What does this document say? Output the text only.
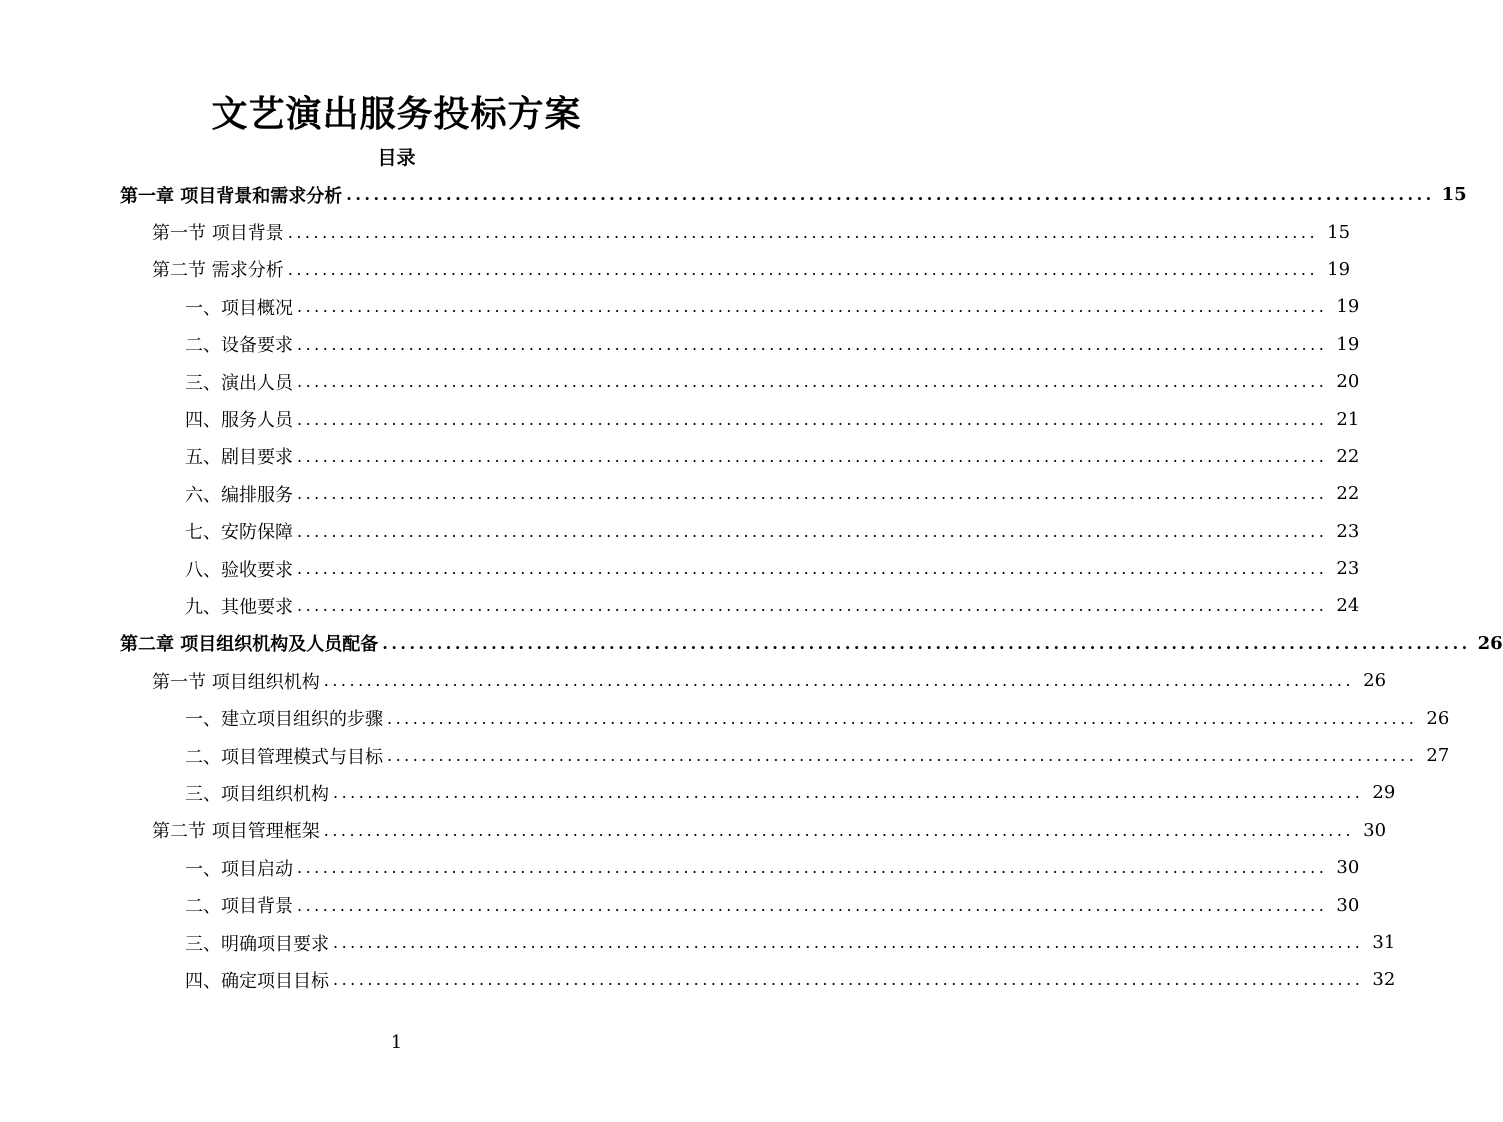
文艺演出服务投标方案
目录
第一章 项目背景和需求分析 ........................................................................................................................ 15
第一节 项目背景 ........................................................................................................................ 15
第二节 需求分析 ........................................................................................................................ 19
一、项目概况 ........................................................................................................................ 19
二、设备要求 ........................................................................................................................ 19
三、演出人员 ........................................................................................................................ 20
四、服务人员 ........................................................................................................................ 21
五、剧目要求 ........................................................................................................................ 22
六、编排服务 ........................................................................................................................ 22
七、安防保障 ........................................................................................................................ 23
八、验收要求 ........................................................................................................................ 23
九、其他要求 ........................................................................................................................ 24
第二章 项目组织机构及人员配备 ........................................................................................................................ 26
第一节 项目组织机构 ........................................................................................................................ 26
一、建立项目组织的步骤 ........................................................................................................................ 26
二、项目管理模式与目标 ........................................................................................................................ 27
三、项目组织机构 ........................................................................................................................ 29
第二节 项目管理框架 ........................................................................................................................ 30
一、项目启动 ........................................................................................................................ 30
二、项目背景 ........................................................................................................................ 30
三、明确项目要求 ........................................................................................................................ 31
四、确定项目目标 ........................................................................................................................ 32
1
